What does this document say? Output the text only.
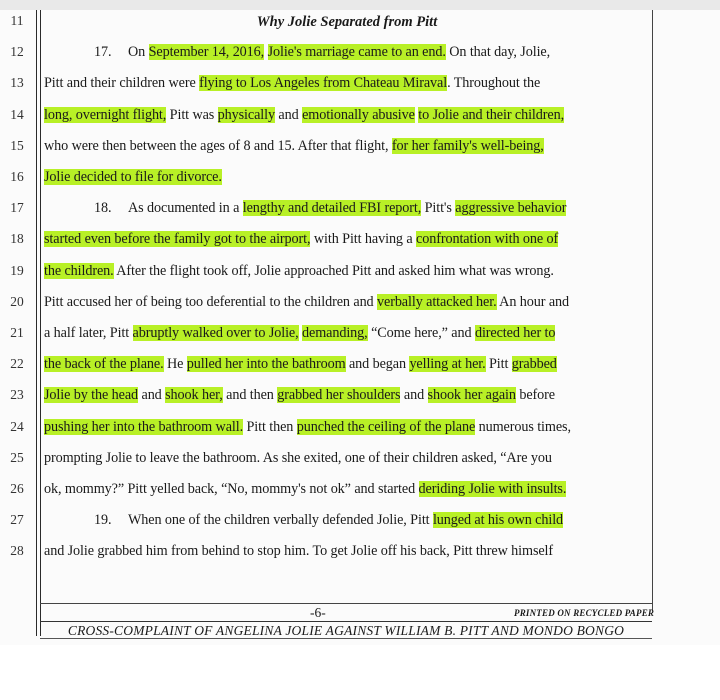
11
12
13
14
15
16
17
18
19
20
21
22
23
24
25
26
27
28
Why Jolie Separated from Pitt
17. On September 14, 2016, Jolie's marriage came to an end. On that day, Jolie,
Pitt and their children were flying to Los Angeles from Chateau Miraval. Throughout the
long, overnight flight, Pitt was physically and emotionally abusive to Jolie and their children,
who were then between the ages of 8 and 15. After that flight, for her family's well-being,
Jolie decided to file for divorce.
18. As documented in a lengthy and detailed FBI report, Pitt's aggressive behavior
started even before the family got to the airport, with Pitt having a confrontation with one of
the children. After the flight took off, Jolie approached Pitt and asked him what was wrong.
Pitt accused her of being too deferential to the children and verbally attacked her. An hour and
a half later, Pitt abruptly walked over to Jolie, demanding, “Come here,” and directed her to
the back of the plane. He pulled her into the bathroom and began yelling at her. Pitt grabbed
Jolie by the head and shook her, and then grabbed her shoulders and shook her again before
pushing her into the bathroom wall. Pitt then punched the ceiling of the plane numerous times,
prompting Jolie to leave the bathroom. As she exited, one of their children asked, “Are you
ok, mommy?” Pitt yelled back, “No, mommy's not ok” and started deriding Jolie with insults.
19. When one of the children verbally defended Jolie, Pitt lunged at his own child
and Jolie grabbed him from behind to stop him. To get Jolie off his back, Pitt threw himself
-6-	PRINTED ON RECYCLED PAPER
CROSS-COMPLAINT OF ANGELINA JOLIE AGAINST WILLIAM B. PITT AND MONDO BONGO
